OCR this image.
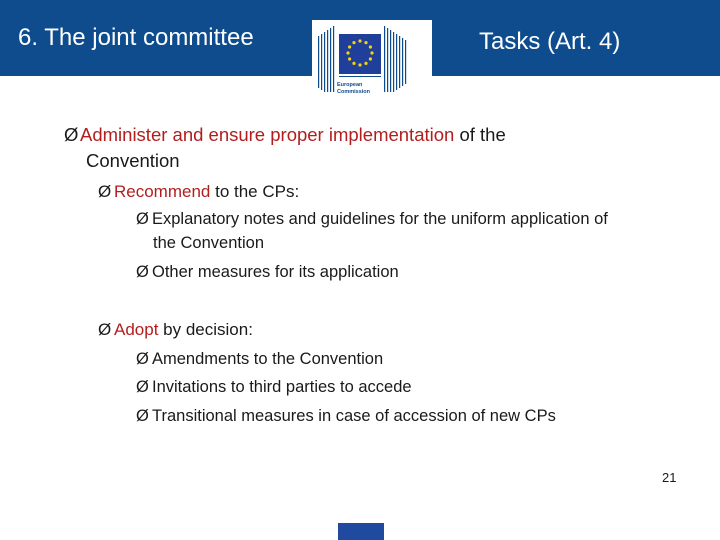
6. The joint committee	Tasks (Art. 4)
European
Commission
ØAdminister and ensure proper implementation of the
Convention
Ø Recommend to the CPs:
Ø Explanatory notes and guidelines for the uniform application of
the Convention
Ø Other measures for its application
Ø Adopt by decision:
Ø Amendments to the Convention
Ø Invitations to third parties to accede
Ø Transitional measures in case of accession of new CPs
21
